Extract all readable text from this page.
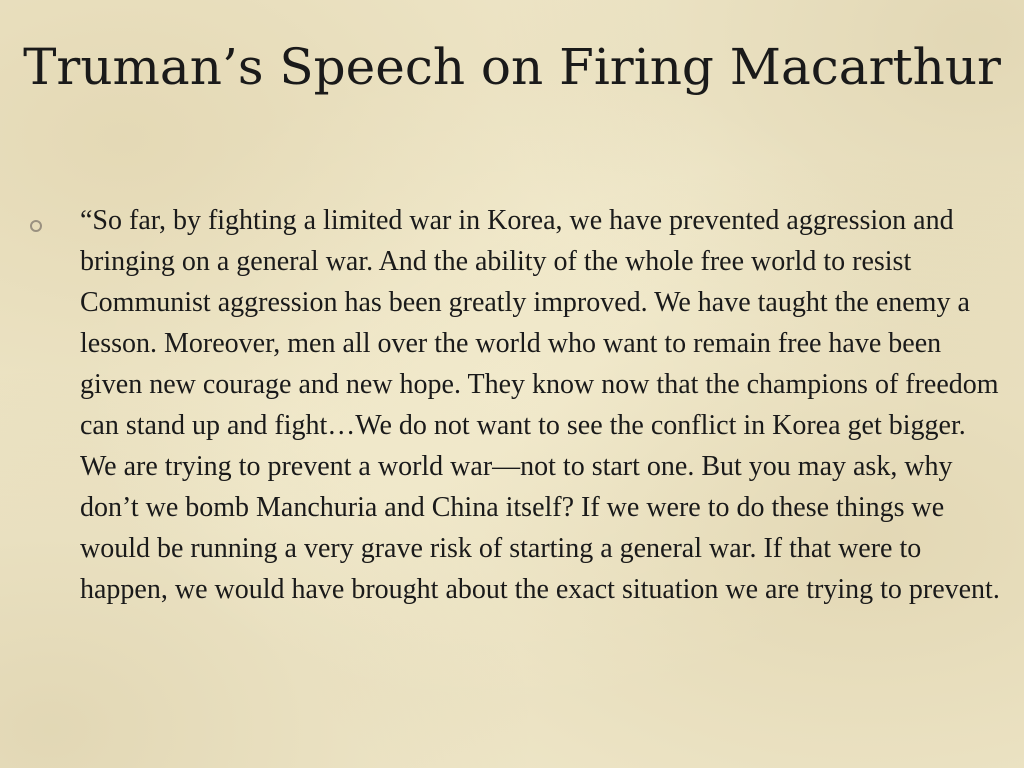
Truman’s Speech on Firing Macarthur

“So far, by fighting a limited war in Korea, we have prevented aggression and bringing on a general war. And the ability of the whole free world to resist Communist aggression has been greatly improved. We have taught the enemy a lesson. Moreover, men all over the world who want to remain free have been given new courage and new hope. They know now that the champions of freedom can stand up and fight…We do not want to see the conflict in Korea get bigger. We are trying to prevent a world war—not to start one. But you may ask, why don’t we bomb Manchuria and China itself? If we were to do these things we would be running a very grave risk of starting a general war. If that were to happen, we would have brought about the exact situation we are trying to prevent.
